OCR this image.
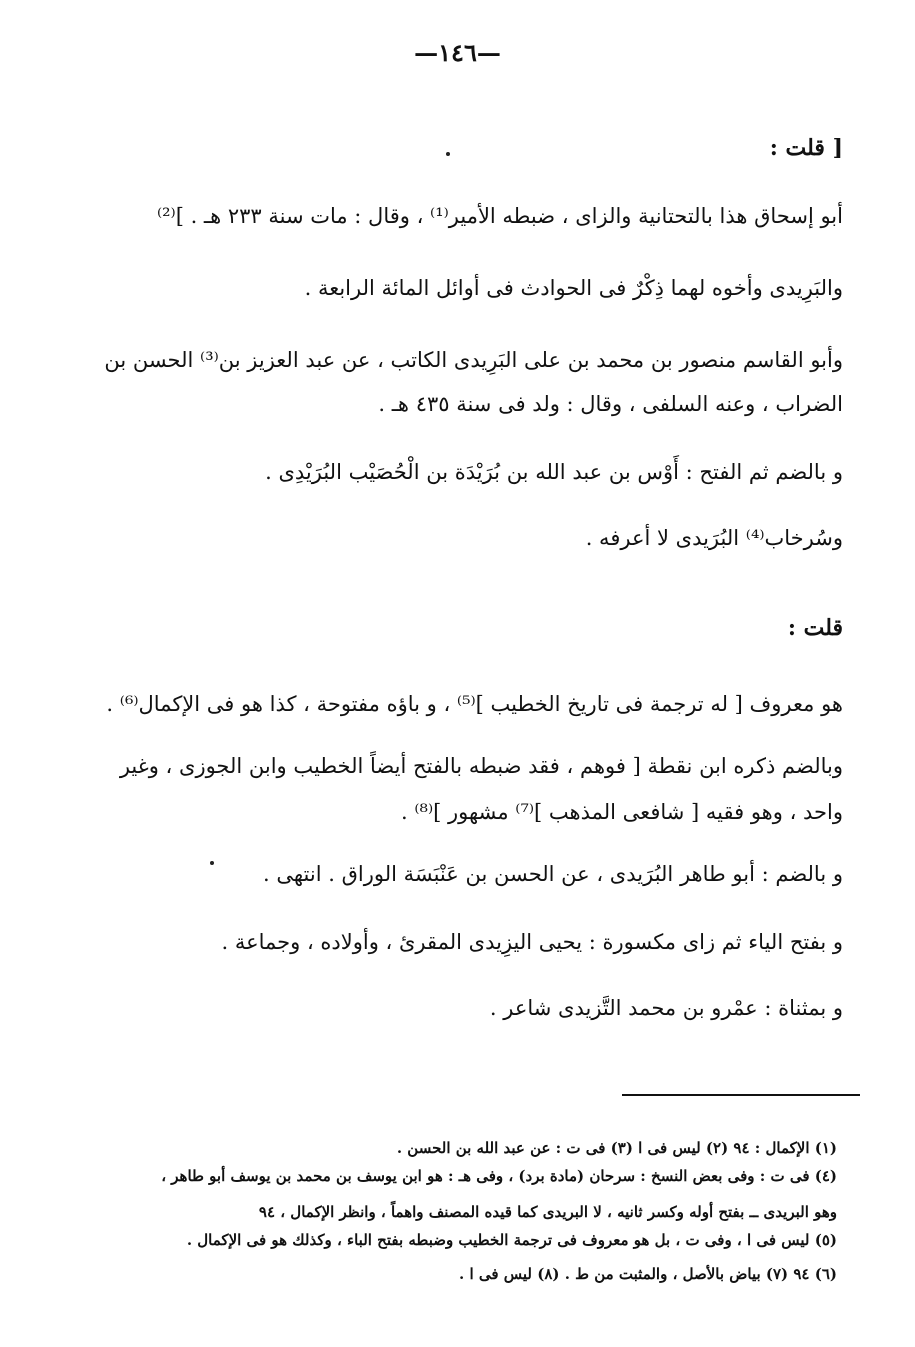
—١٤٦—
[ قلت :
أبو إسحاق هذا بالتحتانية والزاى ، ضبطه الأمير⁽¹⁾ ، وقال : مات سنة ٢٣٣ هـ . ]⁽²⁾
والبَرِيدى وأخوه لهما ذِكْرٌ فى الحوادث فى أوائل المائة الرابعة .
وأبو القاسم منصور بن محمد بن على البَرِيدى الكاتب ، عن عبد العزيز بن⁽³⁾ الحسن بن
الضراب ، وعنه السلفى ، وقال : ولد فى سنة ٤٣٥ هـ .
و بالضم ثم الفتح : أَوْس بن عبد الله بن بُرَيْدَة بن الْحُصَيْب البُرَيْدِى .
وسُرخاب⁽⁴⁾ البُرَيدى لا أعرفه .
قلت :
هو معروف [ له ترجمة فى تاريخ الخطيب ]⁽⁵⁾ ، و باؤه مفتوحة ، كذا هو فى الإكمال⁽⁶⁾ .
وبالضم ذكره ابن نقطة [ فوهم ، فقد ضبطه بالفتح أيضاً الخطيب وابن الجوزى ، وغير
واحد ، وهو فقيه [ شافعى المذهب ]⁽⁷⁾ مشهور ]⁽⁸⁾ .
و بالضم : أبو طاهر البُرَيدى ، عن الحسن بن عَنْبَسَة الوراق . انتهى .
و بفتح الياء ثم زاى مكسورة : يحيى اليزِيدى المقرئ ، وأولاده ، وجماعة .
و بمثناة : عمْرو بن محمد التَّزيدى شاعر .
(١) الإكمال : ٩٤ (٢) ليس فى ا (٣) فى ت : عن عبد الله بن الحسن .
(٤) فى ت : وفى بعض النسخ : سرحان (مادة برد) ، وفى هـ : هو ابن يوسف بن محمد بن يوسف أبو طاهر ،
وهو البريدى ــ بفتح أوله وكسر ثانيه ، لا البريدى كما قيده المصنف واهماً ، وانظر الإكمال ، ٩٤
(٥) ليس فى ا ، وفى ت ، بل هو معروف فى ترجمة الخطيب وضبطه بفتح الباء ، وكذلك هو فى الإكمال .
(٦) ٩٤ (٧) بياض بالأصل ، والمثبت من ط . (٨) ليس فى ا .
